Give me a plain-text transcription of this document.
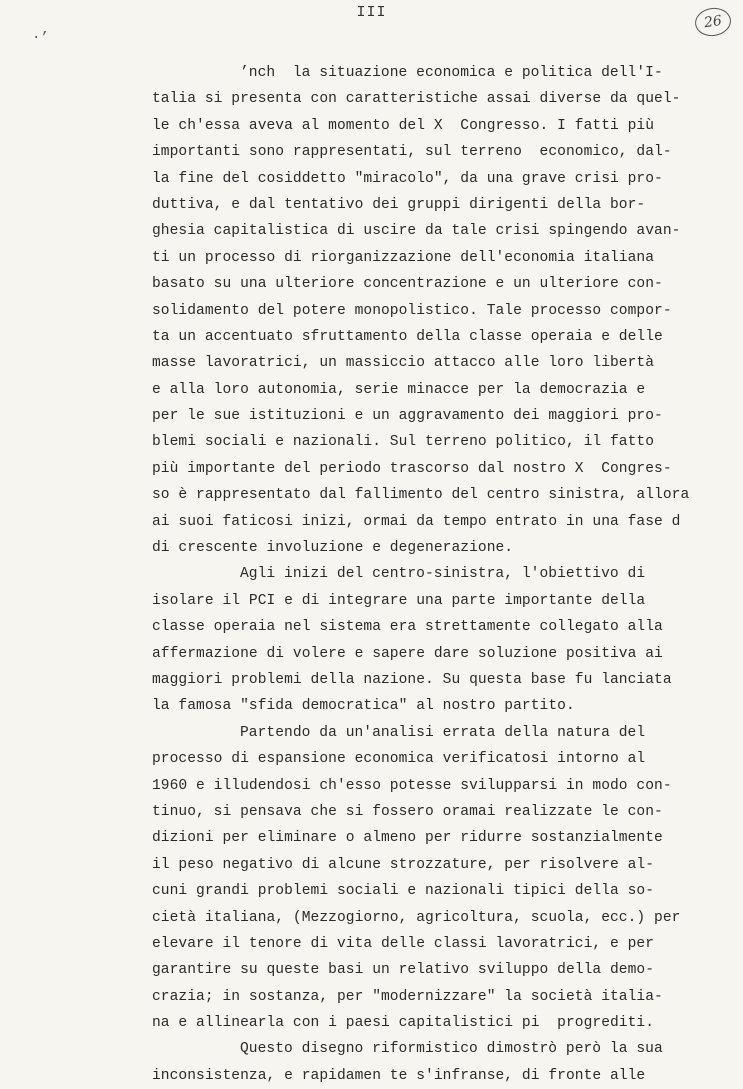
III
26
·’
’nch  la situazione economica e politica dell'I-
talia si presenta con caratteristiche assai diverse da quel-
le ch'essa aveva al momento del X  Congresso. I fatti più
importanti sono rappresentati, sul terreno  economico, dal-
la fine del cosiddetto "miracolo", da una grave crisi pro-
duttiva, e dal tentativo dei gruppi dirigenti della bor-
ghesia capitalistica di uscire da tale crisi spingendo avan-
ti un processo di riorganizzazione dell'economia italiana
basato su una ulteriore concentrazione e un ulteriore con-
solidamento del potere monopolistico. Tale processo compor-
ta un accentuato sfruttamento della classe operaia e delle
masse lavoratrici, un massiccio attacco alle loro libertà
e alla loro autonomia, serie minacce per la democrazia e
per le sue istituzioni e un aggravamento dei maggiori pro-
blemi sociali e nazionali. Sul terreno politico, il fatto
più importante del periodo trascorso dal nostro X  Congres-
so è rappresentato dal fallimento del centro sinistra, allora
ai suoi faticosi inizi, ormai da tempo entrato in una fase d
di crescente involuzione e degenerazione.
Agli inizi del centro-sinistra, l'obiettivo di
isolare il PCI e di integrare una parte importante della
classe operaia nel sistema era strettamente collegato alla
affermazione di volere e sapere dare soluzione positiva ai
maggiori problemi della nazione. Su questa base fu lanciata
la famosa "sfida democratica" al nostro partito.
Partendo da un'analisi errata della natura del
processo di espansione economica verificatosi intorno al
1960 e illudendosi ch'esso potesse svilupparsi in modo con-
tinuo, si pensava che si fossero oramai realizzate le con-
dizioni per eliminare o almeno per ridurre sostanzialmente
il peso negativo di alcune strozzature, per risolvere al-
cuni grandi problemi sociali e nazionali tipici della so-
cietà italiana, (Mezzogiorno, agricoltura, scuola, ecc.) per
elevare il tenore di vita delle classi lavoratrici, e per
garantire su queste basi un relativo sviluppo della demo-
crazia; in sostanza, per "modernizzare" la società italia-
na e allinearla con i paesi capitalistici pi  progrediti.
Questo disegno riformistico dimostrò però la sua
inconsistenza, e rapidamen te s'infranse, di fronte alle
